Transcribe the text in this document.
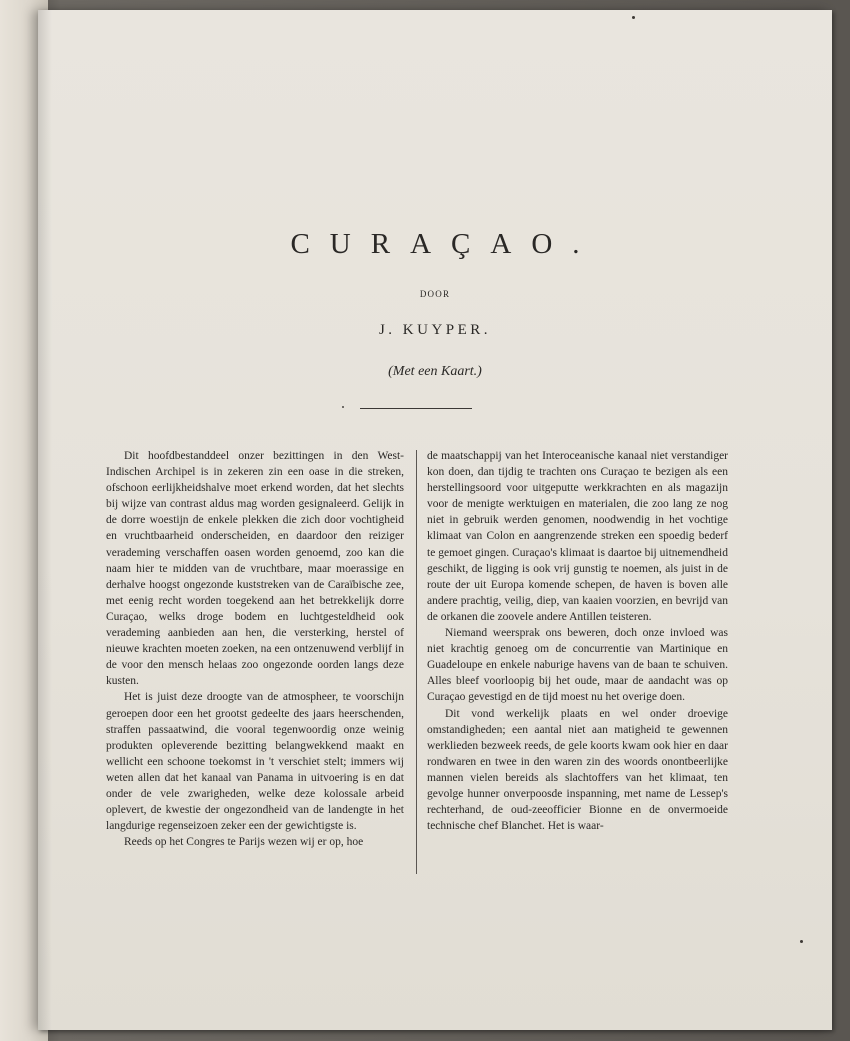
CURAÇAO.
DOOR
J. KUYPER.
(Met een Kaart.)

Dit hoofdbestanddeel onzer bezittingen in den West-Indischen Archipel is in zekeren zin een oase in die streken, ofschoon eerlijkheidshalve moet erkend worden, dat het slechts bij wijze van contrast aldus mag worden gesignaleerd. Gelijk in de dorre woestijn de enkele plekken die zich door vochtigheid en vruchtbaarheid onderscheiden, en daardoor den reiziger verademing verschaffen oasen worden genoemd, zoo kan die naam hier te midden van de vruchtbare, maar moerassige en derhalve hoogst ongezonde kuststreken van de Caraïbische zee, met eenig recht worden toegekend aan het betrekkelijk dorre Curaçao, welks droge bodem en luchtgesteldheid ook verademing aanbieden aan hen, die versterking, herstel of nieuwe krachten moeten zoeken, na een ontzenuwend verblijf in de voor den mensch helaas zoo ongezonde oorden langs deze kusten.

Het is juist deze droogte van de atmospheer, te voorschijn geroepen door een het grootst gedeelte des jaars heerschenden, straffen passaatwind, die vooral tegenwoordig onze weinig produkten opleverende bezitting belangwekkend maakt en wellicht een schoone toekomst in 't verschiet stelt; immers wij weten allen dat het kanaal van Panama in uitvoering is en dat onder de vele zwarigheden, welke deze kolossale arbeid oplevert, de kwestie der ongezondheid van de landengte in het langdurige regenseizoen zeker een der gewichtigste is.

Reeds op het Congres te Parijs wezen wij er op, hoe

de maatschappij van het Interoceanische kanaal niet verstandiger kon doen, dan tijdig te trachten ons Curaçao te bezigen als een herstellingsoord voor uitgeputte werkkrachten en als magazijn voor de menigte werktuigen en materialen, die zoo lang ze nog niet in gebruik werden genomen, noodwendig in het vochtige klimaat van Colon en aangrenzende streken een spoedig bederf te gemoet gingen. Curaçao's klimaat is daartoe bij uitnemendheid geschikt, de ligging is ook vrij gunstig te noemen, als juist in de route der uit Europa komende schepen, de haven is boven alle andere prachtig, veilig, diep, van kaaien voorzien, en bevrijd van de orkanen die zoovele andere Antillen teisteren.

Niemand weersprak ons beweren, doch onze invloed was niet krachtig genoeg om de concurrentie van Martinique en Guadeloupe en enkele naburige havens van de baan te schuiven. Alles bleef voorloopig bij het oude, maar de aandacht was op Curaçao gevestigd en de tijd moest nu het overige doen.

Dit vond werkelijk plaats en wel onder droevige omstandigheden; een aantal niet aan matigheid te gewennen werklieden bezweek reeds, de gele koorts kwam ook hier en daar rondwaren en twee in den waren zin des woords onontbeerlijke mannen vielen bereids als slachtoffers van het klimaat, ten gevolge hunner onverpoosde inspanning, met name de Lessep's rechterhand, de oud-zeeofficier Bionne en de onvermoeide technische chef Blanchet. Het is waar-
